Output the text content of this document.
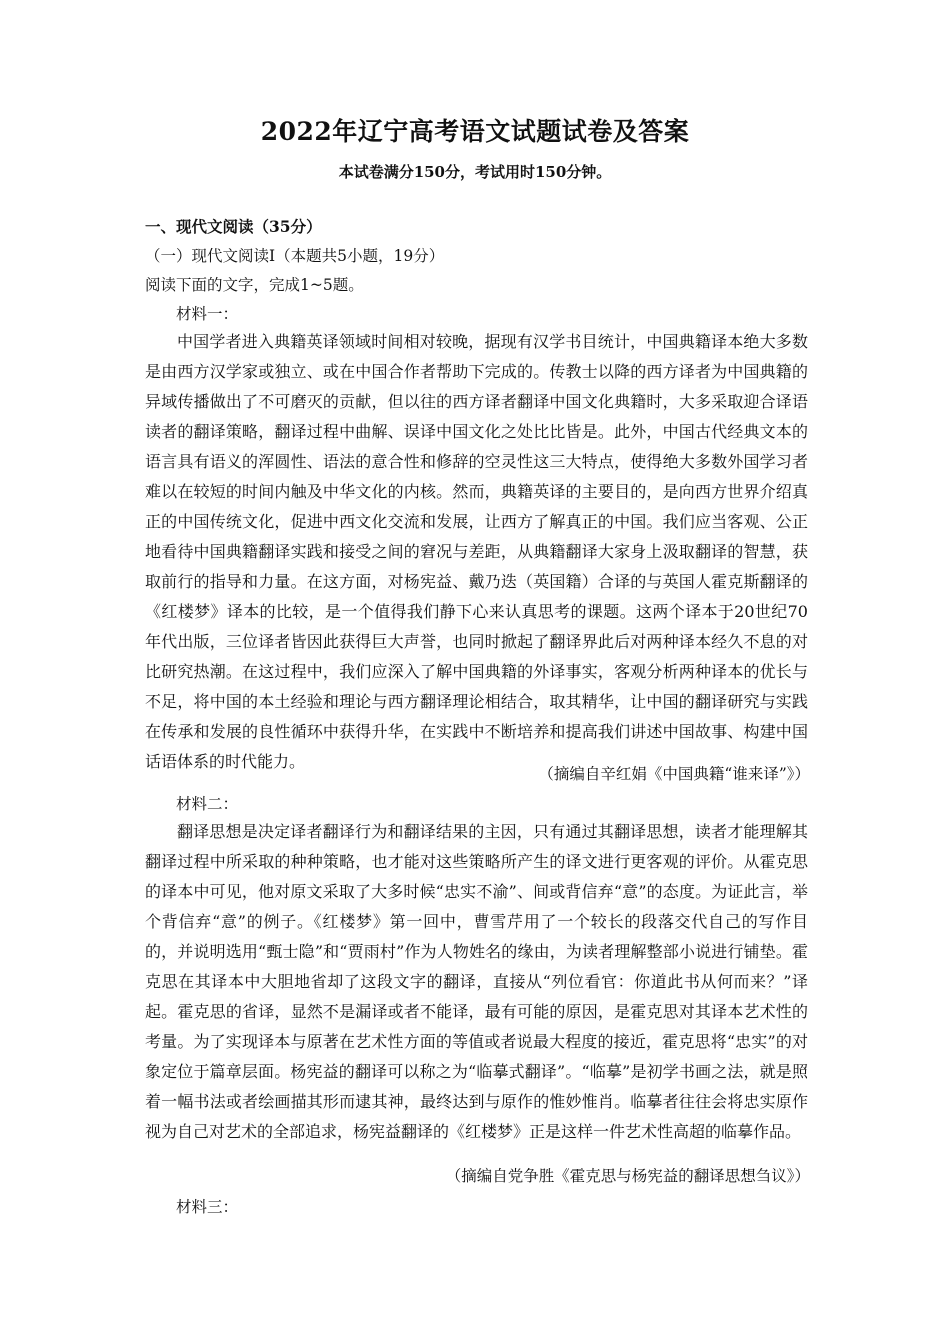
2022年辽宁高考语文试题试卷及答案
本试卷满分150分，考试用时150分钟。
一、现代文阅读（35分）
（一）现代文阅读Ⅰ（本题共5小题，19分）
阅读下面的文字，完成1~5题。
材料一：
中国学者进入典籍英译领域时间相对较晚，据现有汉学书目统计，中国典籍译本绝大多数是由西方汉学家或独立、或在中国合作者帮助下完成的。传教士以降的西方译者为中国典籍的异域传播做出了不可磨灭的贡献，但以往的西方译者翻译中国文化典籍时，大多采取迎合译语读者的翻译策略，翻译过程中曲解、误译中国文化之处比比皆是。此外，中国古代经典文本的语言具有语义的浑圆性、语法的意合性和修辞的空灵性这三大特点，使得绝大多数外国学习者难以在较短的时间内触及中华文化的内核。然而，典籍英译的主要目的，是向西方世界介绍真正的中国传统文化，促进中西文化交流和发展，让西方了解真正的中国。我们应当客观、公正地看待中国典籍翻译实践和接受之间的窘况与差距，从典籍翻译大家身上汲取翻译的智慧，获取前行的指导和力量。在这方面，对杨宪益、戴乃迭（英国籍）合译的与英国人霍克斯翻译的《红楼梦》译本的比较，是一个值得我们静下心来认真思考的课题。这两个译本于20世纪70年代出版，三位译者皆因此获得巨大声誉，也同时掀起了翻译界此后对两种译本经久不息的对比研究热潮。在这过程中，我们应深入了解中国典籍的外译事实，客观分析两种译本的优长与不足，将中国的本土经验和理论与西方翻译理论相结合，取其精华，让中国的翻译研究与实践在传承和发展的良性循环中获得升华，在实践中不断培养和提高我们讲述中国故事、构建中国话语体系的时代能力。
（摘编自辛红娟《中国典籍“谁来译”》）
材料二：
翻译思想是决定译者翻译行为和翻译结果的主因，只有通过其翻译思想，读者才能理解其翻译过程中所采取的种种策略，也才能对这些策略所产生的译文进行更客观的评价。从霍克思的译本中可见，他对原文采取了大多时候“忠实不渝”、间或背信弃“意”的态度。为证此言，举个背信弃“意”的例子。《红楼梦》第一回中，曹雪芹用了一个较长的段落交代自己的写作目的，并说明选用“甄士隐”和“贾雨村”作为人物姓名的缘由，为读者理解整部小说进行铺垫。霍克思在其译本中大胆地省却了这段文字的翻译，直接从“列位看官：你道此书从何而来？”译起。霍克思的省译，显然不是漏译或者不能译，最有可能的原因，是霍克思对其译本艺术性的考量。为了实现译本与原著在艺术性方面的等值或者说最大程度的接近，霍克思将“忠实”的对象定位于篇章层面。杨宪益的翻译可以称之为“临摹式翻译”。“临摹”是初学书画之法，就是照着一幅书法或者绘画描其形而逮其神，最终达到与原作的惟妙惟肖。临摹者往往会将忠实原作视为自己对艺术的全部追求，杨宪益翻译的《红楼梦》正是这样一件艺术性高超的临摹作品。
（摘编自党争胜《霍克思与杨宪益的翻译思想刍议》）
材料三：
